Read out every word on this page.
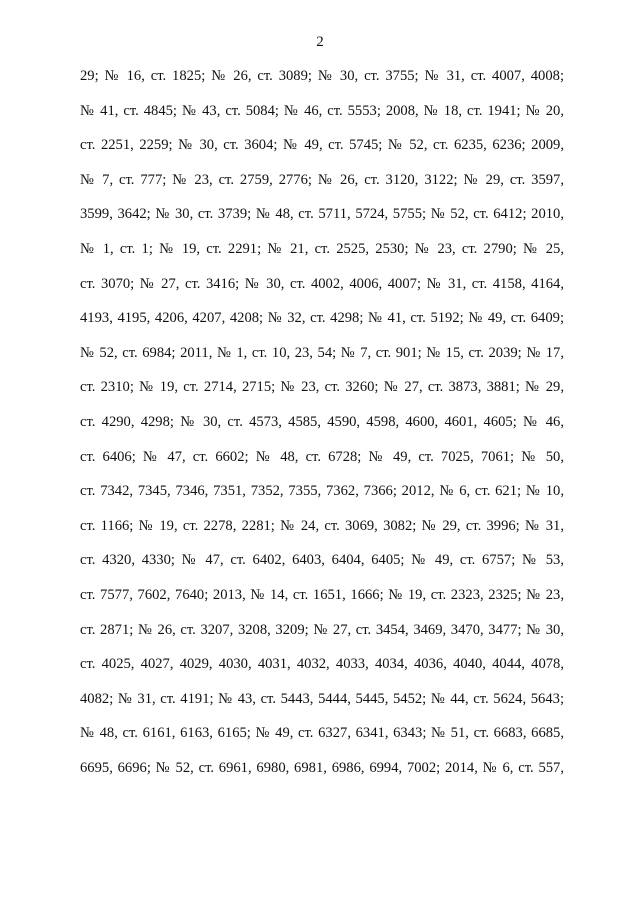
2
29; № 16, ст. 1825; № 26, ст. 3089; № 30, ст. 3755; № 31, ст. 4007, 4008;
№ 41, ст. 4845; № 43, ст. 5084; № 46, ст. 5553; 2008, № 18, ст. 1941; № 20,
ст. 2251, 2259; № 30, ст. 3604; № 49, ст. 5745; № 52, ст. 6235, 6236; 2009,
№ 7, ст. 777; № 23, ст. 2759, 2776; № 26, ст. 3120, 3122; № 29, ст. 3597,
3599, 3642; № 30, ст. 3739; № 48, ст. 5711, 5724, 5755; № 52, ст. 6412; 2010,
№ 1, ст. 1; № 19, ст. 2291; № 21, ст. 2525, 2530; № 23, ст. 2790; № 25,
ст. 3070; № 27, ст. 3416; № 30, ст. 4002, 4006, 4007; № 31, ст. 4158, 4164,
4193, 4195, 4206, 4207, 4208; № 32, ст. 4298; № 41, ст. 5192; № 49, ст. 6409;
№ 52, ст. 6984; 2011, № 1, ст. 10, 23, 54; № 7, ст. 901; № 15, ст. 2039; № 17,
ст. 2310; № 19, ст. 2714, 2715; № 23, ст. 3260; № 27, ст. 3873, 3881; № 29,
ст. 4290, 4298; № 30, ст. 4573, 4585, 4590, 4598, 4600, 4601, 4605; № 46,
ст. 6406; № 47, ст. 6602; № 48, ст. 6728; № 49, ст. 7025, 7061; № 50,
ст. 7342, 7345, 7346, 7351, 7352, 7355, 7362, 7366; 2012, № 6, ст. 621; № 10,
ст. 1166; № 19, ст. 2278, 2281; № 24, ст. 3069, 3082; № 29, ст. 3996; № 31,
ст. 4320, 4330; № 47, ст. 6402, 6403, 6404, 6405; № 49, ст. 6757; № 53,
ст. 7577, 7602, 7640; 2013, № 14, ст. 1651, 1666; № 19, ст. 2323, 2325; № 23,
ст. 2871; № 26, ст. 3207, 3208, 3209; № 27, ст. 3454, 3469, 3470, 3477; № 30,
ст. 4025, 4027, 4029, 4030, 4031, 4032, 4033, 4034, 4036, 4040, 4044, 4078,
4082; № 31, ст. 4191; № 43, ст. 5443, 5444, 5445, 5452; № 44, ст. 5624, 5643;
№ 48, ст. 6161, 6163, 6165; № 49, ст. 6327, 6341, 6343; № 51, ст. 6683, 6685,
6695, 6696; № 52, ст. 6961, 6980, 6981, 6986, 6994, 7002; 2014, № 6, ст. 557,
